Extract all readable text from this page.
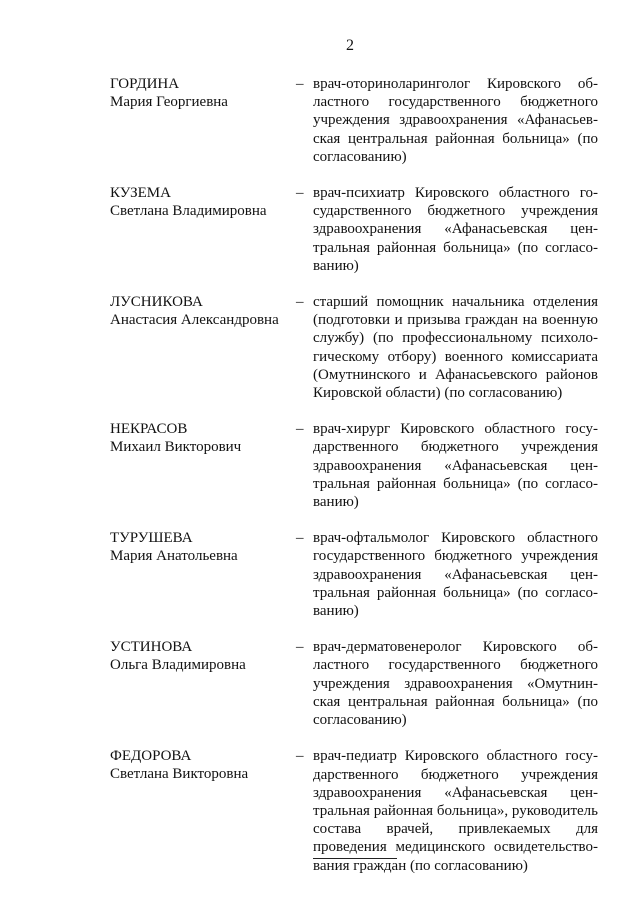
2
ГОРДИНА
Мария Георгиевна
– врач-оториноларинголог Кировского областного государственного бюджетного учреждения здравоохранения «Афанасьевская центральная районная больница» (по согласованию)
КУЗЕМА
Светлана Владимировна
– врач-психиатр Кировского областного государственного бюджетного учреждения здравоохранения «Афанасьевская центральная районная больница» (по согласованию)
ЛУСНИКОВА
Анастасия Александровна
– старший помощник начальника отделения (подготовки и призыва граждан на военную службу) (по профессиональному психологическому отбору) военного комиссариата (Омутнинского и Афанасьевского районов Кировской области) (по согласованию)
НЕКРАСОВ
Михаил Викторович
– врач-хирург Кировского областного государственного бюджетного учреждения здравоохранения «Афанасьевская центральная районная больница» (по согласованию)
ТУРУШЕВА
Мария Анатольевна
– врач-офтальмолог Кировского областного государственного бюджетного учреждения здравоохранения «Афанасьевская центральная районная больница» (по согласованию)
УСТИНОВА
Ольга Владимировна
– врач-дерматовенеролог Кировского областного государственного бюджетного учреждения здравоохранения «Омутнинская центральная районная больница» (по согласованию)
ФЕДОРОВА
Светлана Викторовна
– врач-педиатр Кировского областного государственного бюджетного учреждения здравоохранения «Афанасьевская центральная районная больница», руководитель состава врачей, привлекаемых для проведения медицинского освидетельствования граждан (по согласованию)
